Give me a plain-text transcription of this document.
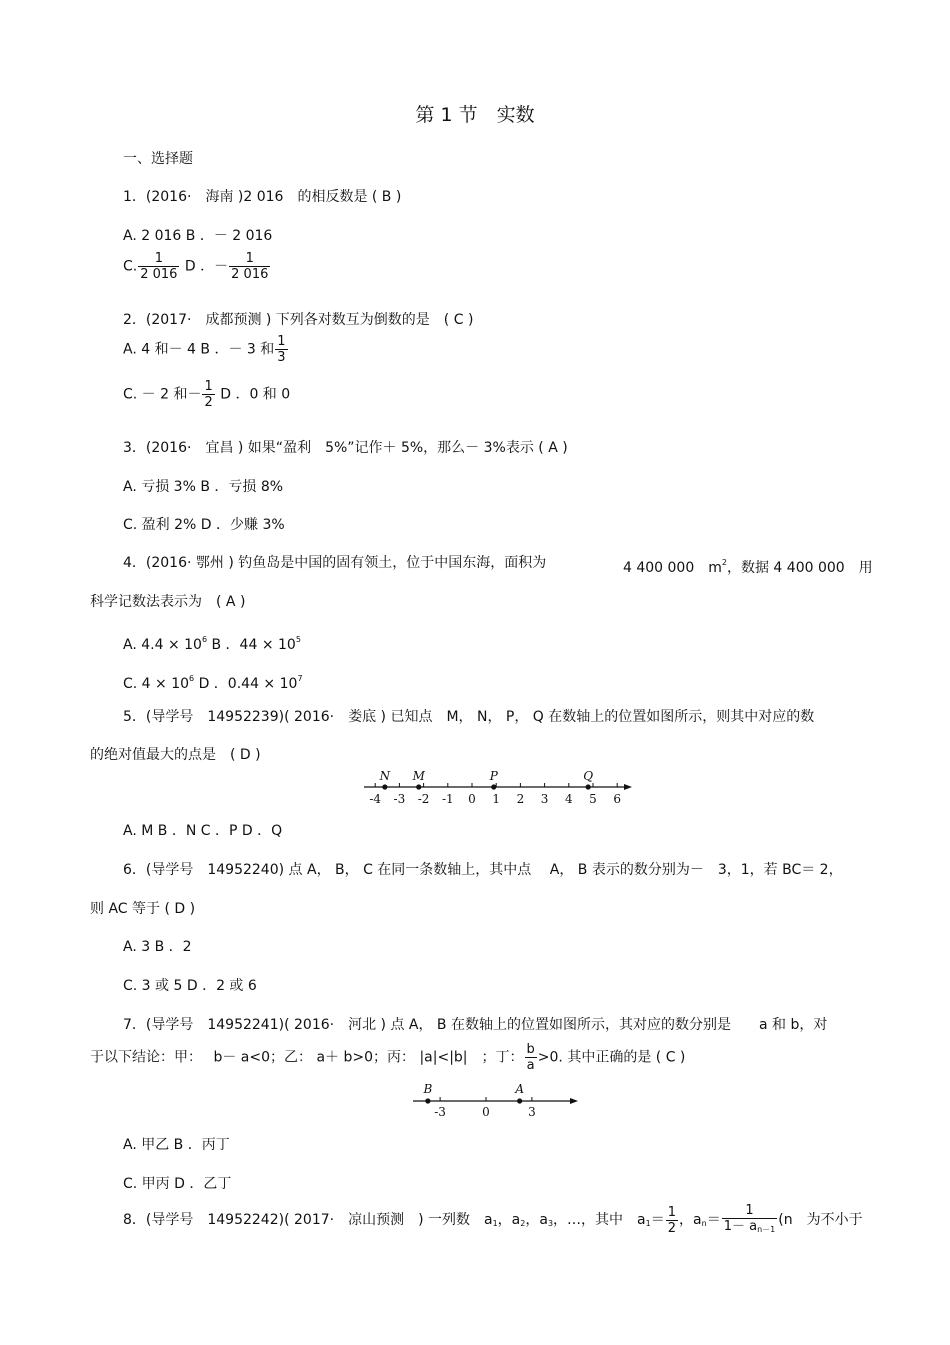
第 1 节　实数
一、选择题
1．(2016·　海南 )2 016　的相反数是 ( B )
A. 2 016 B ．－ 2 016
C. $\frac{1}{2 016}$ D ．－ $\frac{1}{2 016}$
2．(2017·　成都预测 ) 下列各对数互为倒数的是　( C )
A. 4 和－ 4 B ．－ 3 和 $\frac{1}{3}$
C. － 2 和－ $\frac{1}{2}$ D ．0 和 0
3．(2016·　宜昌 ) 如果“盈利　5%”记作＋ 5%，那么－ 3%表示 ( A )
A. 亏损 3% B ．亏损 8%
C. 盈利 2% D ．少赚 3%
4．(2016· 鄂州 ) 钓鱼岛是中国的固有领土，位于中国东海，面积为	4 400 000　$m^2$，数据 4 400 000　用
科学记数法表示为　( A )
A. $4.4 \times 10^6$ B ．$44 \times 10^5$
C. $4 \times 10^6$ D ．$0.44 \times 10^7$
5．(导学号　14952239)( 2016·　娄底 ) 已知点　M， N， P， Q 在数轴上的位置如图所示，则其中对应的数
的绝对值最大的点是　( D )
-4 -3 -2 -1 0 1 2 3 4 5 6
N M	P	Q
A. M B ．N C ．P D ．Q
6．(导学号　14952240) 点 A， B， C 在同一条数轴上，其中点　 A， B 表示的数分别为－　3，1，若 BC＝ 2，
则 AC 等于 ( D )
A. 3 B ．2
C. 3 或 5 D ．2 或 6
7．(导学号　14952241)( 2016·　河北 ) 点 A， B 在数轴上的位置如图所示，其对应的数分别是　　a 和 b，对
于以下结论：甲：　 b－ a<0；乙： a＋ b>0；丙： |a|<|b|　；丁： $\frac{b}{a} >0$. 其中正确的是 ( C )
-3	0	3
B	A
A. 甲乙 B ．丙丁
C. 甲丙 D ．乙丁
8．(导学号　14952242)( 2017·　凉山预测　) 一列数　$a_1$，$a_2$，$a_3$，…，其中　$a_1= \frac{1}{2}$ ，$a_n= \frac{1}{1- a_{n-1}} (n$　为不小于
